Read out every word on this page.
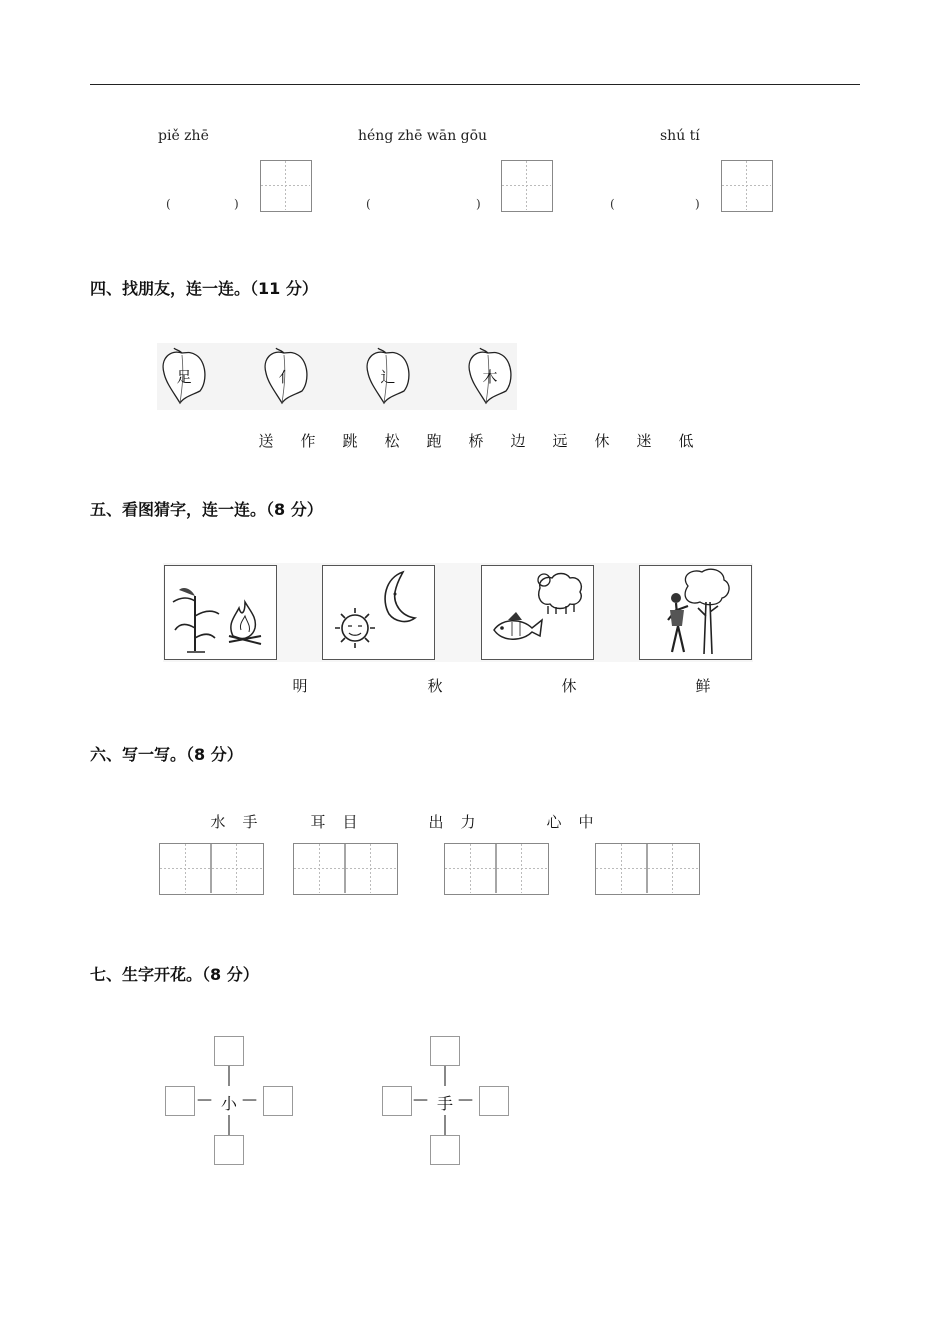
piě zhē
(	)
héng zhē wān gōu
(	)
shú tí
(	)
四、找朋友，连一连。（11 分）
足	亻	辶	木
送	作	跳	松	跑	桥	边	远	休	迷	低
五、看图猜字，连一连。（8 分）
明	秋	休	鲜
六、写一写。（8 分）
水	手	耳	目	出	力	心	中
七、生字开花。（8 分）
— 小 —	— 手 —
